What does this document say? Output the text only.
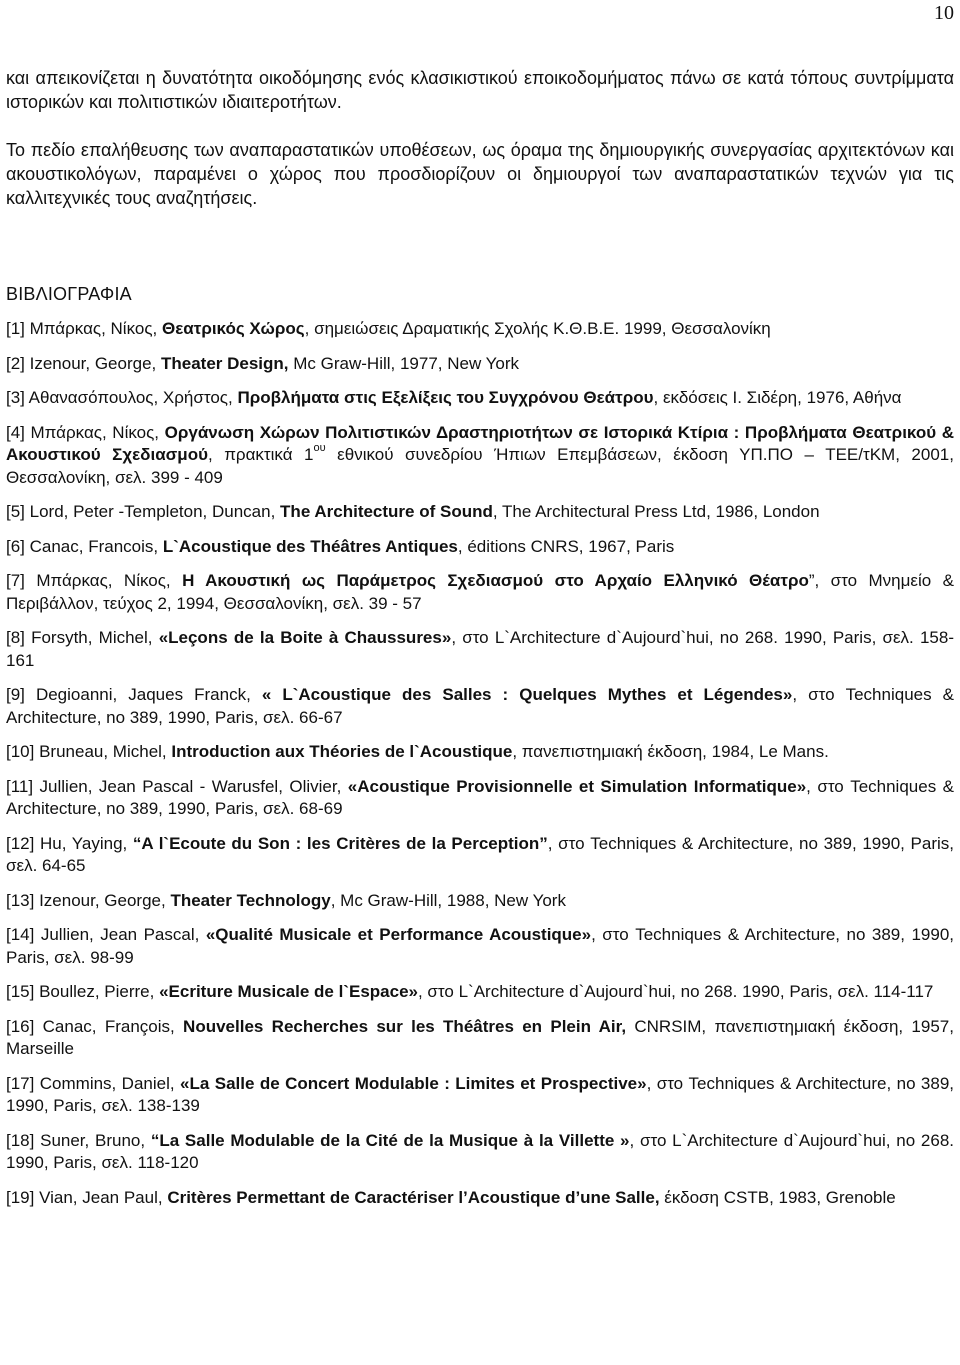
10

και απεικονίζεται η δυνατότητα οικοδόμησης ενός κλασικιστικού εποικοδομήματος πάνω σε κατά τόπους συντρίμματα ιστορικών και πολιτιστικών ιδιαιτεροτήτων.

Το πεδίο επαλήθευσης των αναπαραστατικών υποθέσεων, ως όραμα της δημιουργικής συνεργασίας αρχιτεκτόνων και ακουστικολόγων, παραμένει ο χώρος που προσδιορίζουν οι δημιουργοί των αναπαραστατικών τεχνών για τις καλλιτεχνικές τους αναζητήσεις.

ΒΙΒΛΙΟΓΡΑΦΙΑ

[1] Μπάρκας, Νίκος, Θεατρικός Χώρος, σημειώσεις Δραματικής Σχολής Κ.Θ.Β.Ε. 1999, Θεσσαλονίκη

[2] Izenour, George, Theater Design, Mc Graw-Hill, 1977, New York

[3] Αθανασόπουλος, Χρήστος, Προβλήματα στις Εξελίξεις του Συγχρόνου Θεάτρου, εκδόσεις Ι. Σιδέρη, 1976, Αθήνα

[4] Μπάρκας, Νίκος, Οργάνωση Χώρων Πολιτιστικών Δραστηριοτήτων σε Ιστορικά Κτίρια : Προβλήματα Θεατρικού & Ακουστικού Σχεδιασμού, πρακτικά $1^{o\upsilon}$ εθνικού συνεδρίου Ήπιων Επεμβάσεων, έκδοση ΥΠ.ΠΟ – ΤΕΕ/τΚΜ, 2001, Θεσσαλονίκη, σελ. 399 - 409

[5] Lord, Peter -Templeton, Duncan, The Architecture of Sound, The Architectural Press Ltd, 1986, London

[6] Canac, Francois, L`Acoustique des Théâtres Antiques, éditions CNRS, 1967, Paris

[7] Μπάρκας, Νίκος, Η Ακουστική ως Παράμετρος Σχεδιασμού στο Αρχαίο Ελληνικό Θέατρο”, στο Μνημείο & Περιβάλλον, τεύχος 2, 1994, Θεσσαλονίκη, σελ. 39 - 57

[8] Forsyth, Michel, «Leçons de la Boite à Chaussures», στο L`Architecture d`Aujourd`hui, no 268. 1990, Paris, σελ. 158-161

[9] Degioanni, Jaques Franck, « L`Acoustique des Salles : Quelques Mythes et Légendes», στο Techniques & Architecture, no 389, 1990, Paris, σελ. 66-67

[10] Bruneau, Michel, Introduction aux Théories de l`Acoustique, πανεπιστημιακή έκδοση, 1984, Le Mans.

[11] Jullien, Jean Pascal - Warusfel, Olivier, «Acoustique Provisionnelle et Simulation Informatique», στο Techniques & Architecture, no 389, 1990, Paris, σελ. 68-69

[12] Hu, Yaying, “A l`Ecoute du Son : les Critères de la Perception”, στο Techniques & Architecture, no 389, 1990, Paris, σελ. 64-65

[13] Izenour, George, Theater Technology, Mc Graw-Hill, 1988, New York

[14] Jullien, Jean Pascal, «Qualité Musicale et Performance Acoustique», στο Techniques & Architecture, no 389, 1990, Paris, σελ. 98-99

[15] Boullez, Pierre, «Ecriture Musicale de l`Espace», στο L`Architecture d`Aujourd`hui, no 268. 1990, Paris, σελ. 114-117

[16] Canac, François, Nouvelles Recherches sur les Théâtres en Plein Air, CNRSIM, πανεπιστημιακή έκδοση, 1957, Marseille

[17] Commins, Daniel, «La Salle de Concert Modulable : Limites et Prospective», στο Techniques & Architecture, no 389, 1990, Paris, σελ. 138-139

[18] Suner, Bruno, “La Salle Modulable de la Cité de la Musique à la Villette », στο L`Architecture d`Aujourd`hui, no 268. 1990, Paris, σελ. 118-120

[19] Vian, Jean Paul, Critères Permettant de Caractériser l’Acoustique d’une Salle, έκδοση CSTB, 1983, Grenoble
